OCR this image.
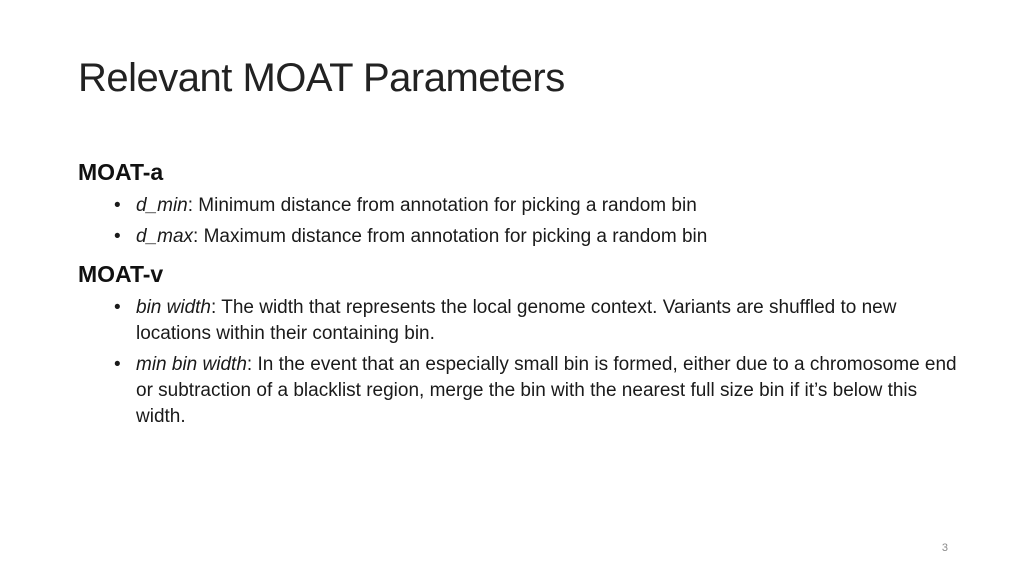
Relevant MOAT Parameters
MOAT-a
• d_min: Minimum distance from annotation for picking a random bin
• d_max: Maximum distance from annotation for picking a random bin
MOAT-v
• bin width: The width that represents the local genome context. Variants are shuffled to new locations within their containing bin.
• min bin width: In the event that an especially small bin is formed, either due to a chromosome end or subtraction of a blacklist region, merge the bin with the nearest full size bin if it’s below this width.
3
